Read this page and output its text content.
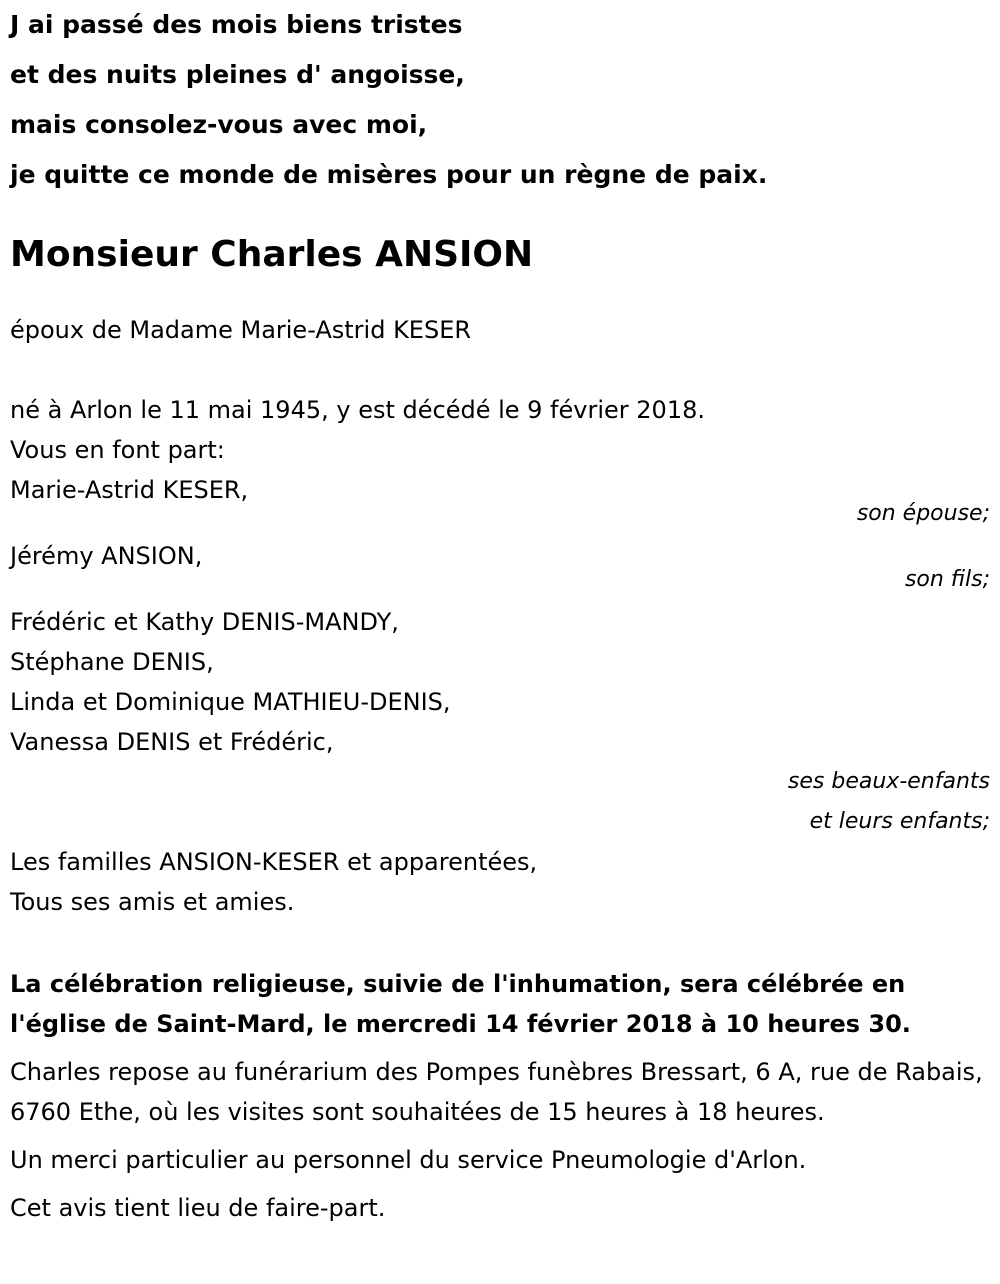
J ai passé des mois biens tristes
et des nuits pleines d' angoisse,
mais consolez-vous avec moi,
je quitte ce monde de misères pour un règne de paix.
Monsieur Charles ANSION
époux de Madame Marie-Astrid KESER
né à Arlon le 11 mai 1945, y est décédé le 9 février 2018.
Vous en font part:
Marie-Astrid KESER,
son épouse;
Jérémy ANSION,
son fils;
Frédéric et Kathy DENIS-MANDY,
Stéphane DENIS,
Linda et Dominique MATHIEU-DENIS,
Vanessa DENIS et Frédéric,
ses beaux-enfants
et leurs enfants;
Les familles ANSION-KESER et apparentées,
Tous ses amis et amies.
La célébration religieuse, suivie de l'inhumation, sera célébrée en l'église de Saint-Mard, le mercredi 14 février 2018 à 10 heures 30.
Charles repose au funérarium des Pompes funèbres Bressart, 6 A, rue de Rabais, 6760 Ethe, où les visites sont souhaitées de 15 heures à 18 heures.
Un merci particulier au personnel du service Pneumologie d'Arlon.
Cet avis tient lieu de faire-part.
